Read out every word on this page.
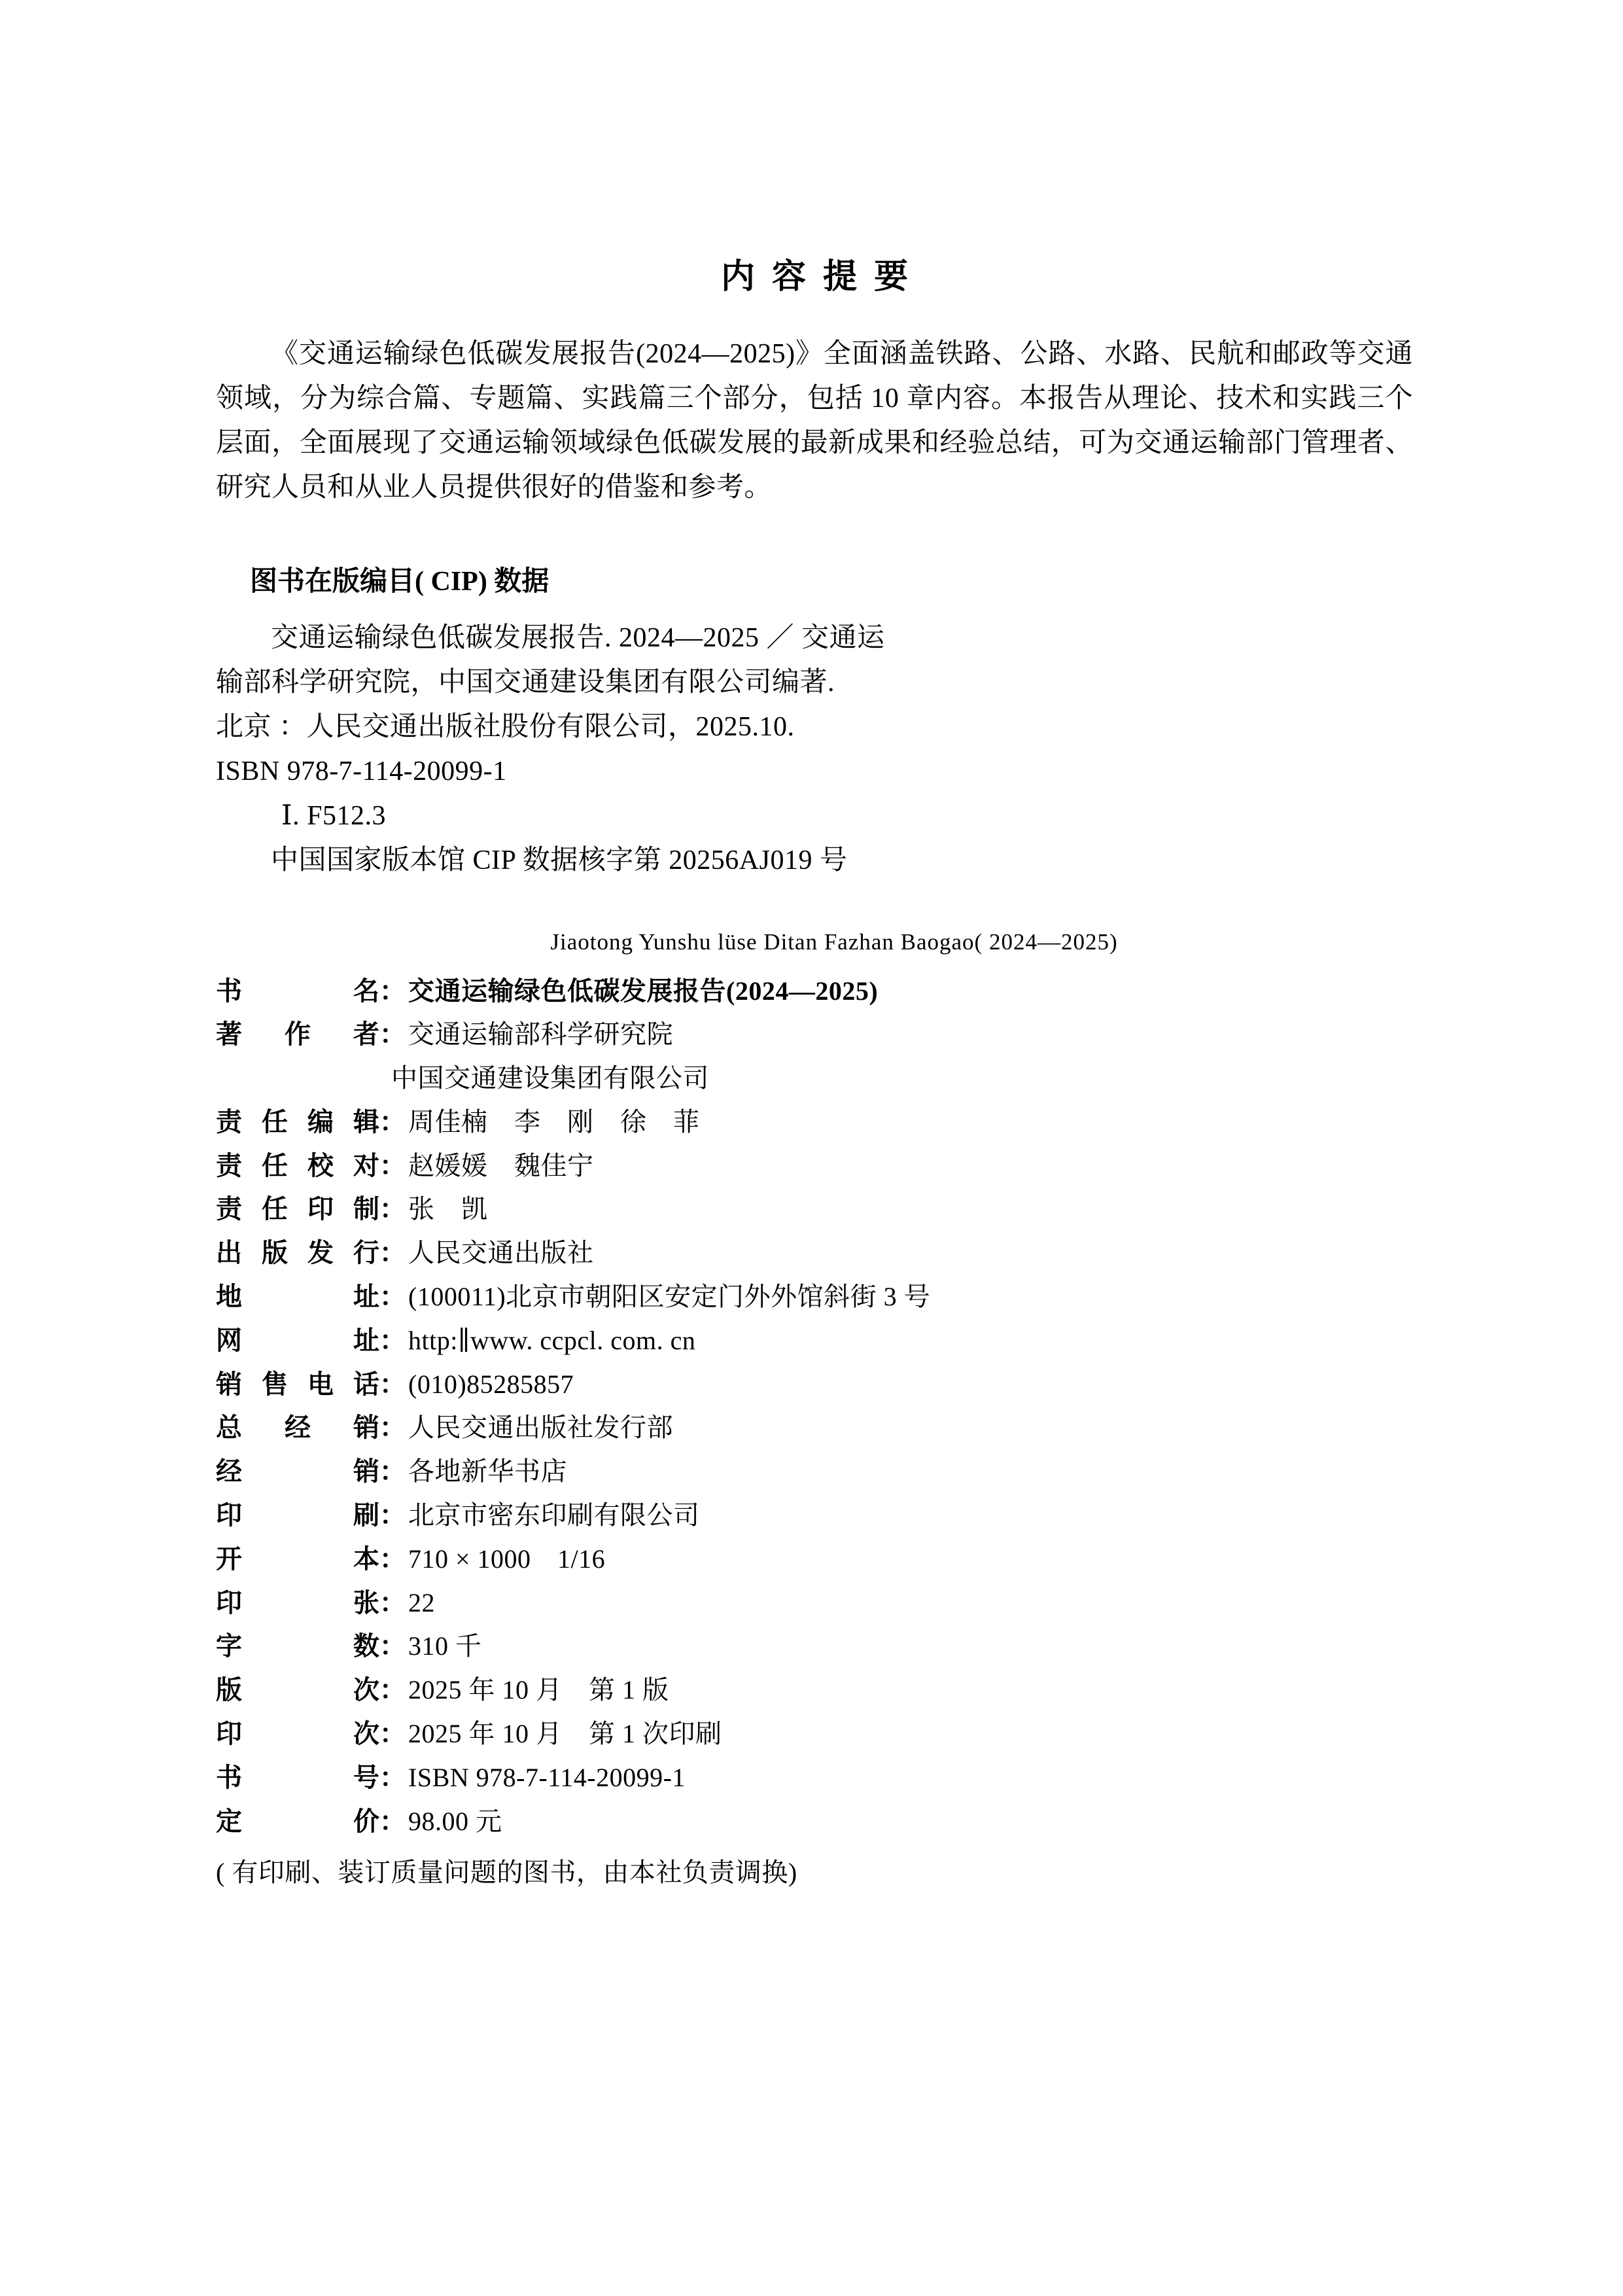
内容提要

《交通运输绿色低碳发展报告(2024—2025)》全面涵盖铁路、公路、水路、民航和邮政等交通领域，分为综合篇、专题篇、实践篇三个部分，包括 10 章内容。本报告从理论、技术和实践三个层面，全面展现了交通运输领域绿色低碳发展的最新成果和经验总结，可为交通运输部门管理者、研究人员和从业人员提供很好的借鉴和参考。

图书在版编目( CIP) 数据
交通运输绿色低碳发展报告. 2024—2025 ／ 交通运
输部科学研究院，中国交通建设集团有限公司编著.
北京 ：人民交通出版社股份有限公司，2025.10.
ISBN 978-7-114-20099-1
Ⅰ. F512.3
中国国家版本馆 CIP 数据核字第 20256AJ019 号
Jiaotong Yunshu lüse Ditan Fazhan Baogao( 2024—2025)
书名 ： 交通运输绿色低碳发展报告(2024—2025)
著作者 ： 交通运输部科学研究院
中国交通建设集团有限公司
责任编辑 ： 周佳楠　李　刚　徐　菲
责任校对 ： 赵媛媛　魏佳宁
责任印制 ： 张　凯
出版发行 ： 人民交通出版社
地址 ： (100011)北京市朝阳区安定门外外馆斜街 3 号
网址 ： http:∥www. ccpcl. com. cn
销售电话 ： (010)85285857
总经销 ： 人民交通出版社发行部
经销 ： 各地新华书店
印刷 ： 北京市密东印刷有限公司
开本 ： 710 × 1000　1/16
印张 ： 22
字数 ： 310 千
版次 ： 2025 年 10 月　第 1 版
印次 ： 2025 年 10 月　第 1 次印刷
书号 ： ISBN 978-7-114-20099-1
定价 ： 98.00 元
( 有印刷、装订质量问题的图书，由本社负责调换)
